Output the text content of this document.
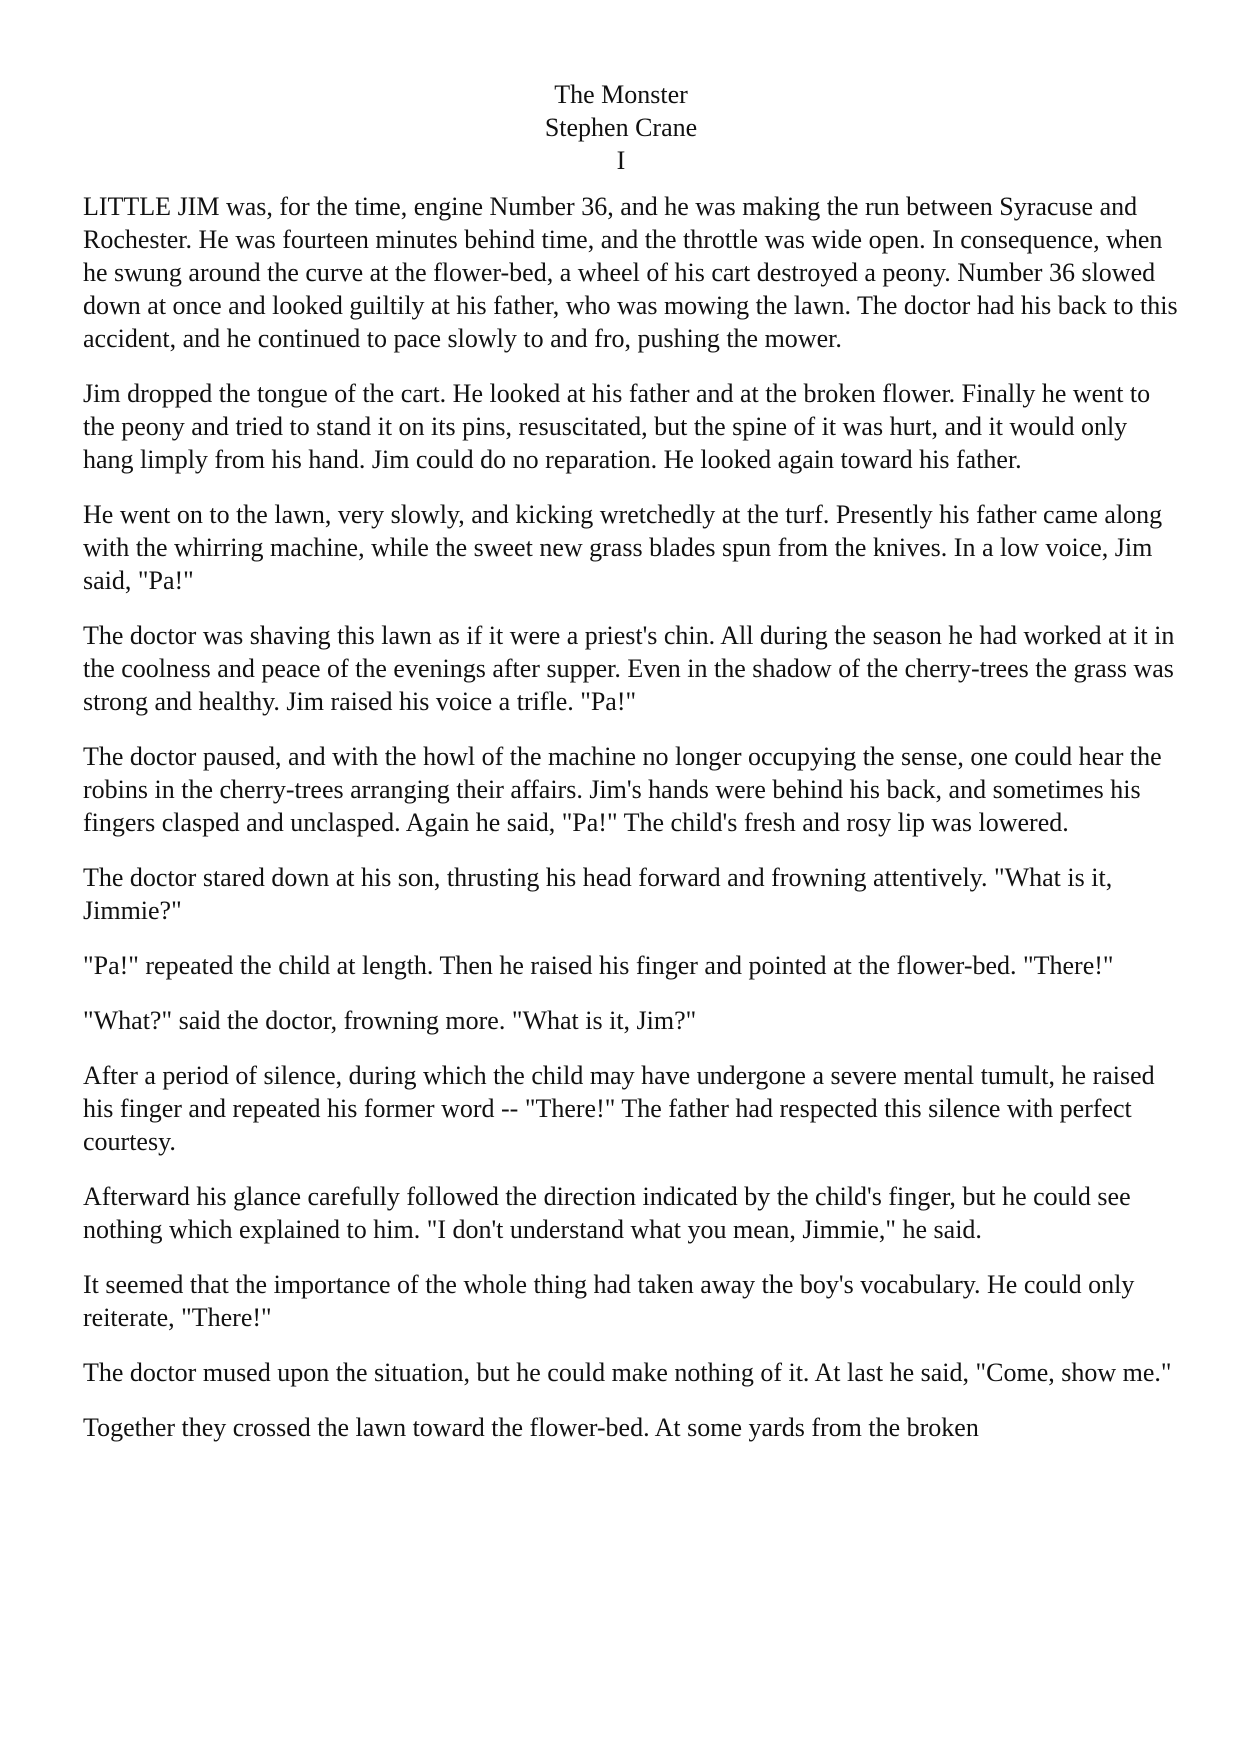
The Monster
Stephen Crane
I

LITTLE JIM was, for the time, engine Number 36, and he was making the run between Syracuse and Rochester. He was fourteen minutes behind time, and the throttle was wide open. In consequence, when he swung around the curve at the flower-bed, a wheel of his cart destroyed a peony. Number 36 slowed down at once and looked guiltily at his father, who was mowing the lawn. The doctor had his back to this accident, and he continued to pace slowly to and fro, pushing the mower.

Jim dropped the tongue of the cart. He looked at his father and at the broken flower. Finally he went to the peony and tried to stand it on its pins, resuscitated, but the spine of it was hurt, and it would only hang limply from his hand. Jim could do no reparation. He looked again toward his father.

He went on to the lawn, very slowly, and kicking wretchedly at the turf. Presently his father came along with the whirring machine, while the sweet new grass blades spun from the knives. In a low voice, Jim said, "Pa!"

The doctor was shaving this lawn as if it were a priest's chin. All during the season he had worked at it in the coolness and peace of the evenings after supper. Even in the shadow of the cherry-trees the grass was strong and healthy. Jim raised his voice a trifle. "Pa!"

The doctor paused, and with the howl of the machine no longer occupying the sense, one could hear the robins in the cherry-trees arranging their affairs. Jim's hands were behind his back, and sometimes his fingers clasped and unclasped. Again he said, "Pa!" The child's fresh and rosy lip was lowered.

The doctor stared down at his son, thrusting his head forward and frowning attentively. "What is it, Jimmie?"

"Pa!" repeated the child at length. Then he raised his finger and pointed at the flower-bed. "There!"

"What?" said the doctor, frowning more. "What is it, Jim?"

After a period of silence, during which the child may have undergone a severe mental tumult, he raised his finger and repeated his former word -- "There!" The father had respected this silence with perfect courtesy.

Afterward his glance carefully followed the direction indicated by the child's finger, but he could see nothing which explained to him. "I don't understand what you mean, Jimmie," he said.

It seemed that the importance of the whole thing had taken away the boy's vocabulary. He could only reiterate, "There!"

The doctor mused upon the situation, but he could make nothing of it. At last he said, "Come, show me."

Together they crossed the lawn toward the flower-bed. At some yards from the broken
